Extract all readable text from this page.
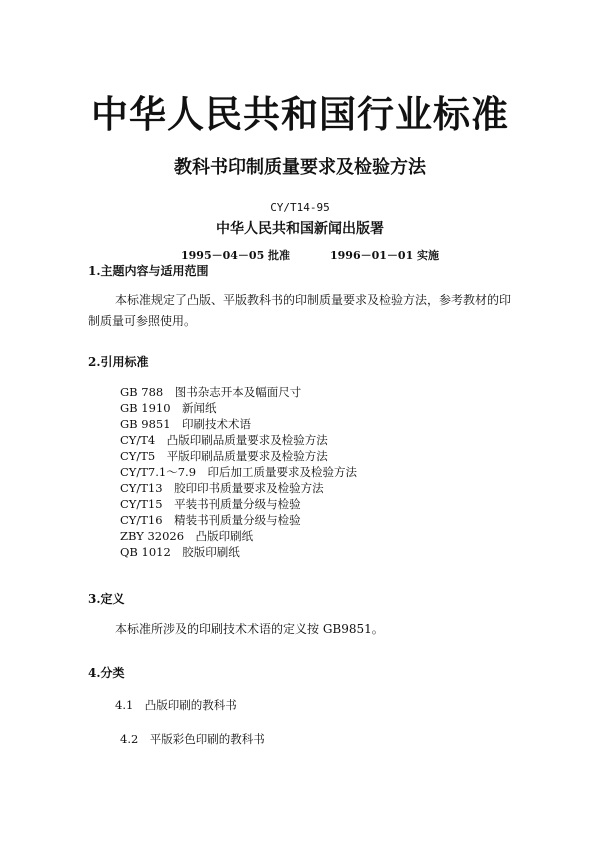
中华人民共和国行业标准
教科书印制质量要求及检验方法
CY/T14-95
中华人民共和国新闻出版署
1995－04－05 批准	1996－01－01 实施
1.主题内容与适用范围
本标准规定了凸版、平版教科书的印制质量要求及检验方法，参考教材的印
制质量可参照使用。
2.引用标准
GB 788　图书杂志开本及幅面尺寸
GB 1910　新闻纸
GB 9851　印刷技术术语
CY/T4　凸版印刷品质量要求及检验方法
CY/T5　平版印刷品质量要求及检验方法
CY/T7.1～7.9　印后加工质量要求及检验方法
CY/T13　胶印印书质量要求及检验方法
CY/T15　平装书刊质量分级与检验
CY/T16　精装书刊质量分级与检验
ZBY 32026　凸版印刷纸
QB 1012　胶版印刷纸
3.定义
本标准所涉及的印刷技术术语的定义按 GB9851。
4.分类
4.1　凸版印刷的教科书
4.2　平版彩色印刷的教科书
